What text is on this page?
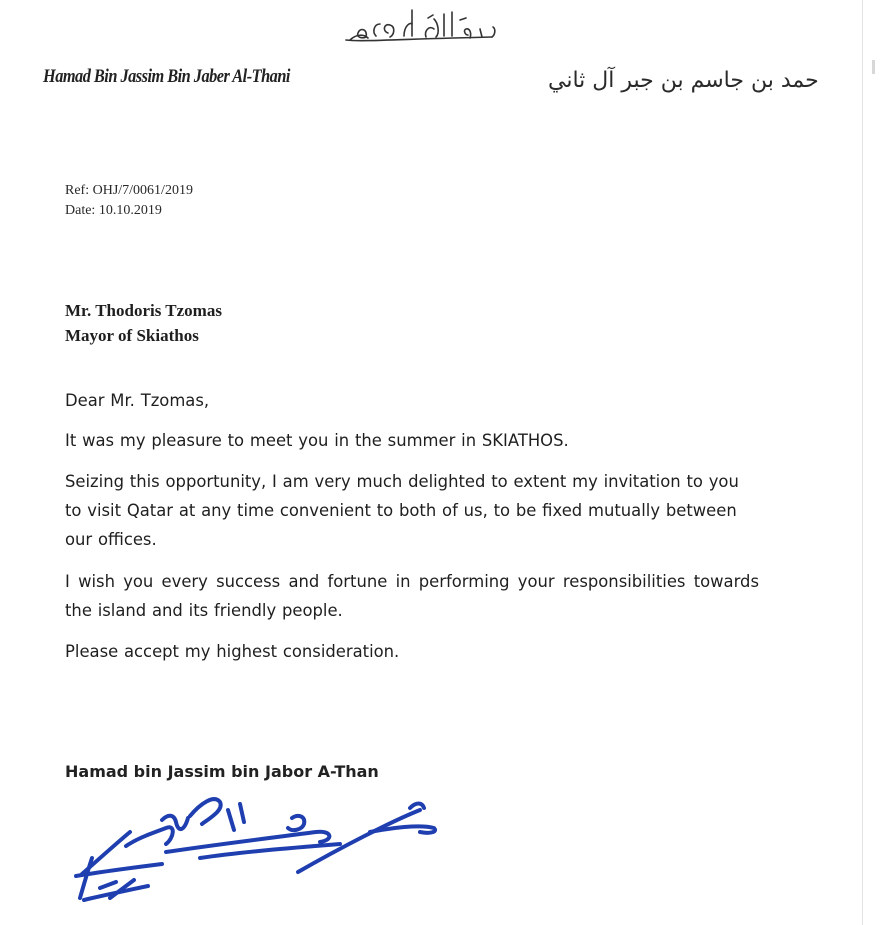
Hamad Bin Jassim Bin Jaber Al-Thani	حمد بن جاسم بن جبر آل ثاني
Ref: OHJ/7/0061/2019
Date: 10.10.2019
Mr. Thodoris Tzomas
Mayor of Skiathos
Dear Mr. Tzomas,
It was my pleasure to meet you in the summer in SKIATHOS.
Seizing this opportunity, I am very much delighted to extent my invitation to you to visit Qatar at any time convenient to both of us, to be fixed mutually between our offices.
I wish you every success and fortune in performing your responsibilities towards the island and its friendly people.
Please accept my highest consideration.
Hamad bin Jassim bin Jabor A-Than
